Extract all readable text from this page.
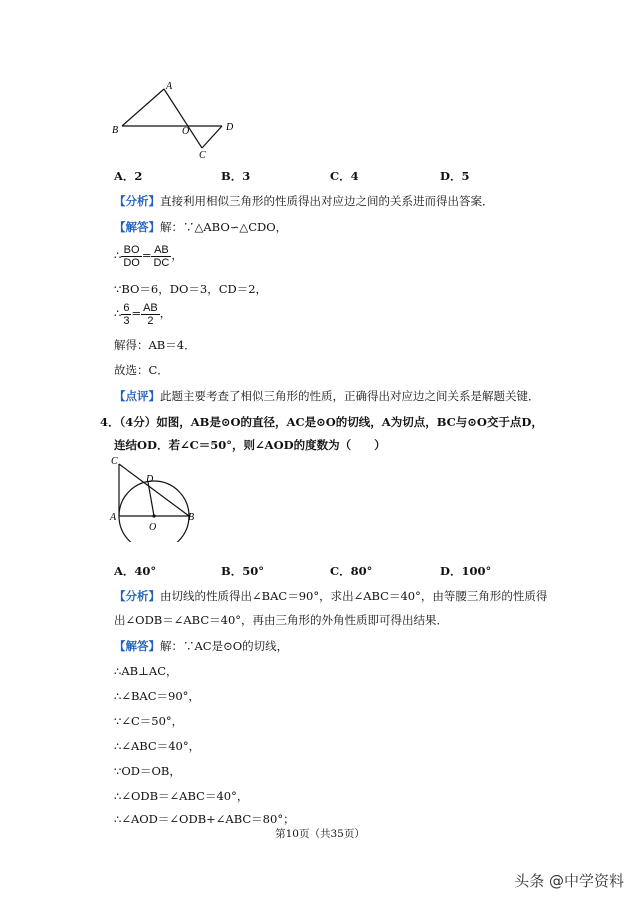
A
B	O	D
C
A．2	B．3	C．4	D．5
【分析】直接利用相似三角形的性质得出对应边之间的关系进而得出答案．
【解答】解：∵△ABO∽△CDO，
∴ $\frac{BO}{DO} = \frac{AB}{DC}$ ，
∵BO＝6，DO＝3，CD＝2，
∴ $\frac{6}{3} = \frac{AB}{2}$ ，
解得：AB＝4．
故选：C．
【点评】此题主要考查了相似三角形的性质，正确得出对应边之间关系是解题关键．
4．（4分）如图，AB是⊙O的直径，AC是⊙O的切线，A为切点，BC与⊙O交于点D，
连结OD．若∠C＝50°，则∠AOD的度数为（　　）
C
D
A
O
B
A．40°	B．50°	C．80°	D．100°
【分析】由切线的性质得出∠BAC＝90°，求出∠ABC＝40°，由等腰三角形的性质得
出∠ODB＝∠ABC＝40°，再由三角形的外角性质即可得出结果．
【解答】解：∵AC是⊙O的切线，
∴AB⊥AC，
∴∠BAC＝90°，
∵∠C＝50°，
∴∠ABC＝40°，
∵OD＝OB，
∴∠ODB＝∠ABC＝40°，
∴∠AOD＝∠ODB+∠ABC＝80°；
第10页（共35页）
头条 @中学资料
